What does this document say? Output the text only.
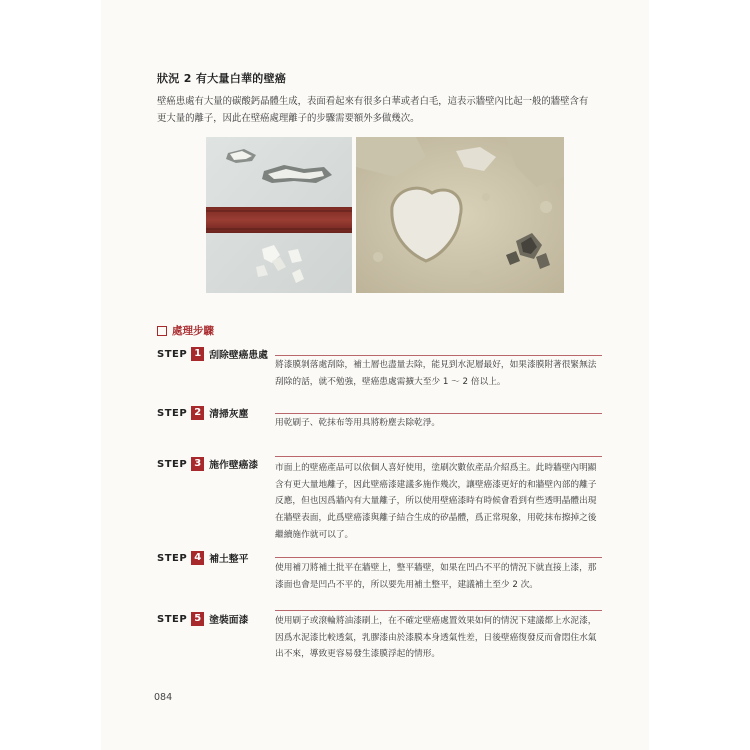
狀況 2 有大量白華的壁癌
壁癌患處有大量的碳酸鈣晶體生成，表面看起來有很多白華或者白毛，這表示牆壁內比起一般的牆壁含有更大量的離子，因此在壁癌處理離子的步驟需要額外多做幾次。
處理步驟
STEP 1 刮除壁癌患處
將漆膜剝落處刮除，補土層也盡量去除，能見到水泥層最好，如果漆膜附著很緊無法刮除的話，就不勉強，壁癌患處需擴大至少 1 ～ 2 倍以上。
STEP 2 清掃灰塵
用乾刷子、乾抹布等用具將粉塵去除乾淨。
STEP 3 施作壁癌漆 市面上的壁癌產品可以依個人喜好使用，塗刷次數依產品介紹爲主。此時牆壁內明顯含有更大量地離子，因此壁癌漆建議多施作幾次，讓壁癌漆更好的和牆壁內部的離子反應，但也因爲牆內有大量離子，所以使用壁癌漆時有時候會看到有些透明晶體出現在牆壁表面，此爲壁癌漆與離子結合生成的矽晶體，爲正常現象，用乾抹布擦掉之後繼續施作就可以了。
STEP 4 補土整平
使用補刀將補土批平在牆壁上，整平牆壁，如果在凹凸不平的情況下就直接上漆，那漆面也會是凹凸不平的，所以要先用補土整平，建議補土至少 2 次。
STEP 5 塗裝面漆	使用刷子或滾輪將油漆刷上，在不確定壁癌處置效果如何的情況下建議都上水泥漆，因爲水泥漆比較透氣，乳膠漆由於漆膜本身透氣性差，日後壁癌復發反而會悶住水氣出不來，導致更容易發生漆膜浮起的情形。
084
